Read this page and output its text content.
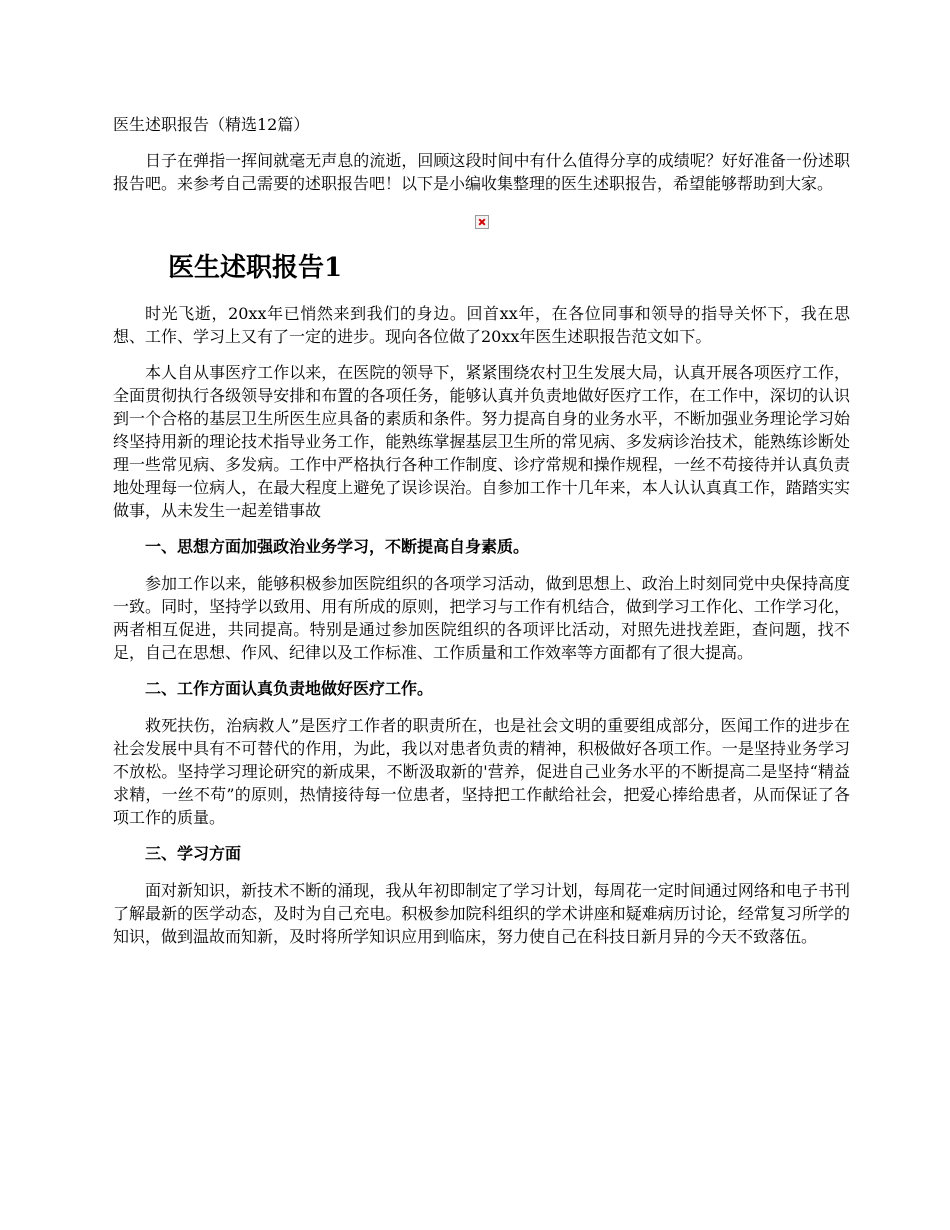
医生述职报告（精选12篇）

日子在弹指一挥间就毫无声息的流逝，回顾这段时间中有什么值得分享的成绩呢？好好准备一份述职报告吧。来参考自己需要的述职报告吧！以下是小编收集整理的医生述职报告，希望能够帮助到大家。

医生述职报告1

时光飞逝，20xx年已悄然来到我们的身边。回首xx年，在各位同事和领导的指导关怀下，我在思想、工作、学习上又有了一定的进步。现向各位做了20xx年医生述职报告范文如下。

本人自从事医疗工作以来，在医院的领导下，紧紧围绕农村卫生发展大局，认真开展各项医疗工作，全面贯彻执行各级领导安排和布置的各项任务，能够认真并负责地做好医疗工作，在工作中，深切的认识到一个合格的基层卫生所医生应具备的素质和条件。努力提高自身的业务水平，不断加强业务理论学习始终坚持用新的理论技术指导业务工作，能熟练掌握基层卫生所的常见病、多发病诊治技术，能熟练诊断处理一些常见病、多发病。工作中严格执行各种工作制度、诊疗常规和操作规程，一丝不苟接待并认真负责地处理每一位病人，在最大程度上避免了误诊误治。自参加工作十几年来，本人认认真真工作，踏踏实实做事，从未发生一起差错事故

一、思想方面加强政治业务学习，不断提高自身素质。

参加工作以来，能够积极参加医院组织的各项学习活动，做到思想上、政治上时刻同党中央保持高度一致。同时，坚持学以致用、用有所成的原则，把学习与工作有机结合，做到学习工作化、工作学习化，两者相互促进，共同提高。特别是通过参加医院组织的各项评比活动，对照先进找差距，查问题，找不足，自己在思想、作风、纪律以及工作标准、工作质量和工作效率等方面都有了很大提高。

二、工作方面认真负责地做好医疗工作。

救死扶伤，治病救人”是医疗工作者的职责所在，也是社会文明的重要组成部分，医闻工作的进步在社会发展中具有不可替代的作用，为此，我以对患者负责的精神，积极做好各项工作。一是坚持业务学习不放松。坚持学习理论研究的新成果，不断汲取新的'营养，促进自己业务水平的不断提高二是坚持“精益求精，一丝不苟”的原则，热情接待每一位患者，坚持把工作献给社会，把爱心捧给患者，从而保证了各项工作的质量。

三、学习方面

面对新知识，新技术不断的涌现，我从年初即制定了学习计划，每周花一定时间通过网络和电子书刊了解最新的医学动态，及时为自己充电。积极参加院科组织的学术讲座和疑难病历讨论，经常复习所学的知识，做到温故而知新，及时将所学知识应用到临床，努力使自己在科技日新月异的今天不致落伍。
